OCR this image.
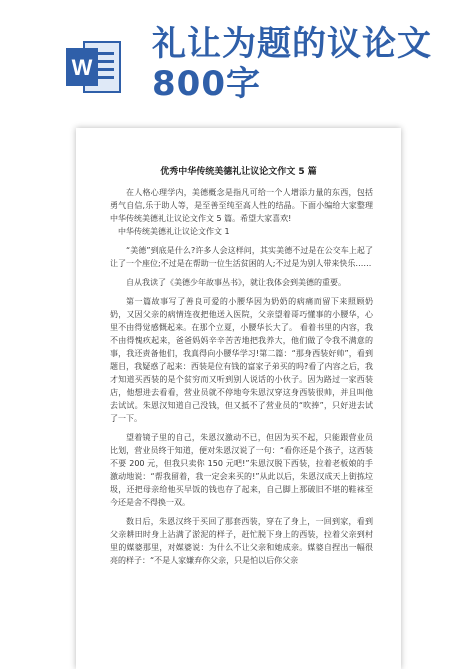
W
礼让为题的议论文
800字
优秀中华传统美德礼让议论文作文 5 篇

在人格心理学内，美德概念是指凡可给一个人增添力量的东西，包括勇气自信,乐于助人等，是至善至纯至高人性的结晶。下面小编给大家整理中华传统美德礼让议论文作文 5 篇。希望大家喜欢!

中华传统美德礼让议论文作文 1

“美德”到底是什么?许多人会这样问，其实美德不过是在公交车上起了让了一个座位;不过是在帮助一位生活贫困的人;不过是为别人带来快乐……

自从我读了《美德少年故事丛书》，就让我体会到美德的重要。

第一篇故事写了善良可爱的小腰华因为奶奶的病痛而留下来照顾奶奶，又因父亲的病情连夜把他送入医院，父亲望着哥巧懂事的小腰华，心里不由得觉感慨起来。在那个立夏，小腰华长大了。 看着书里的内容，我不由得愧疚起来，爸爸妈妈辛辛苦苦地把我养大，他们做了令我不满意的事，我还责备他们，我真得向小腰华学习!第二篇：“那身西装好帅”，看到题目，我疑惑了起来：西装是位有钱的富家子弟买的吗?看了内容之后，我才知道买西装的是个贫穷而又听到别人说话的小伙子。因为路过一家西装店，他想进去看看，营业员就不停地夸朱恩汉穿这身西装很帅，并且叫他去试试。朱恩汉知道自己没钱，但又抵不了营业员的“吹捧”，只好进去试了一下。

望着镜子里的自己，朱恩汉激动不已，但因为买不起，只能跟营业员比划，营业员终于知道，便对朱恩汉说了一句：“看你还是个孩子，这西装不要 200 元，但我只卖你 150 元吧!”朱恩汉脱下西装，拉着老板娘的手激动地说：“帮我留着，我一定会来买的!”从此以后，朱恩汉成天上街拣垃圾，还把母亲给他买早饭的钱也存了起来，自己脚上那破旧不堪的鞋袜至今还是舍不得换一双。

数日后，朱恩汉终于买回了那套西装，穿在了身上，一回到家，看到父亲耕田时身上沾满了淤泥的样子，赶忙脱下身上的西装，拉着父亲到村里的媒婆那里，对媒婆说：为什么不让父亲和她成亲。媒婆自捏出一幅很亮的样子：“不是人家嫌弃你父亲，只是怕以后你父亲
